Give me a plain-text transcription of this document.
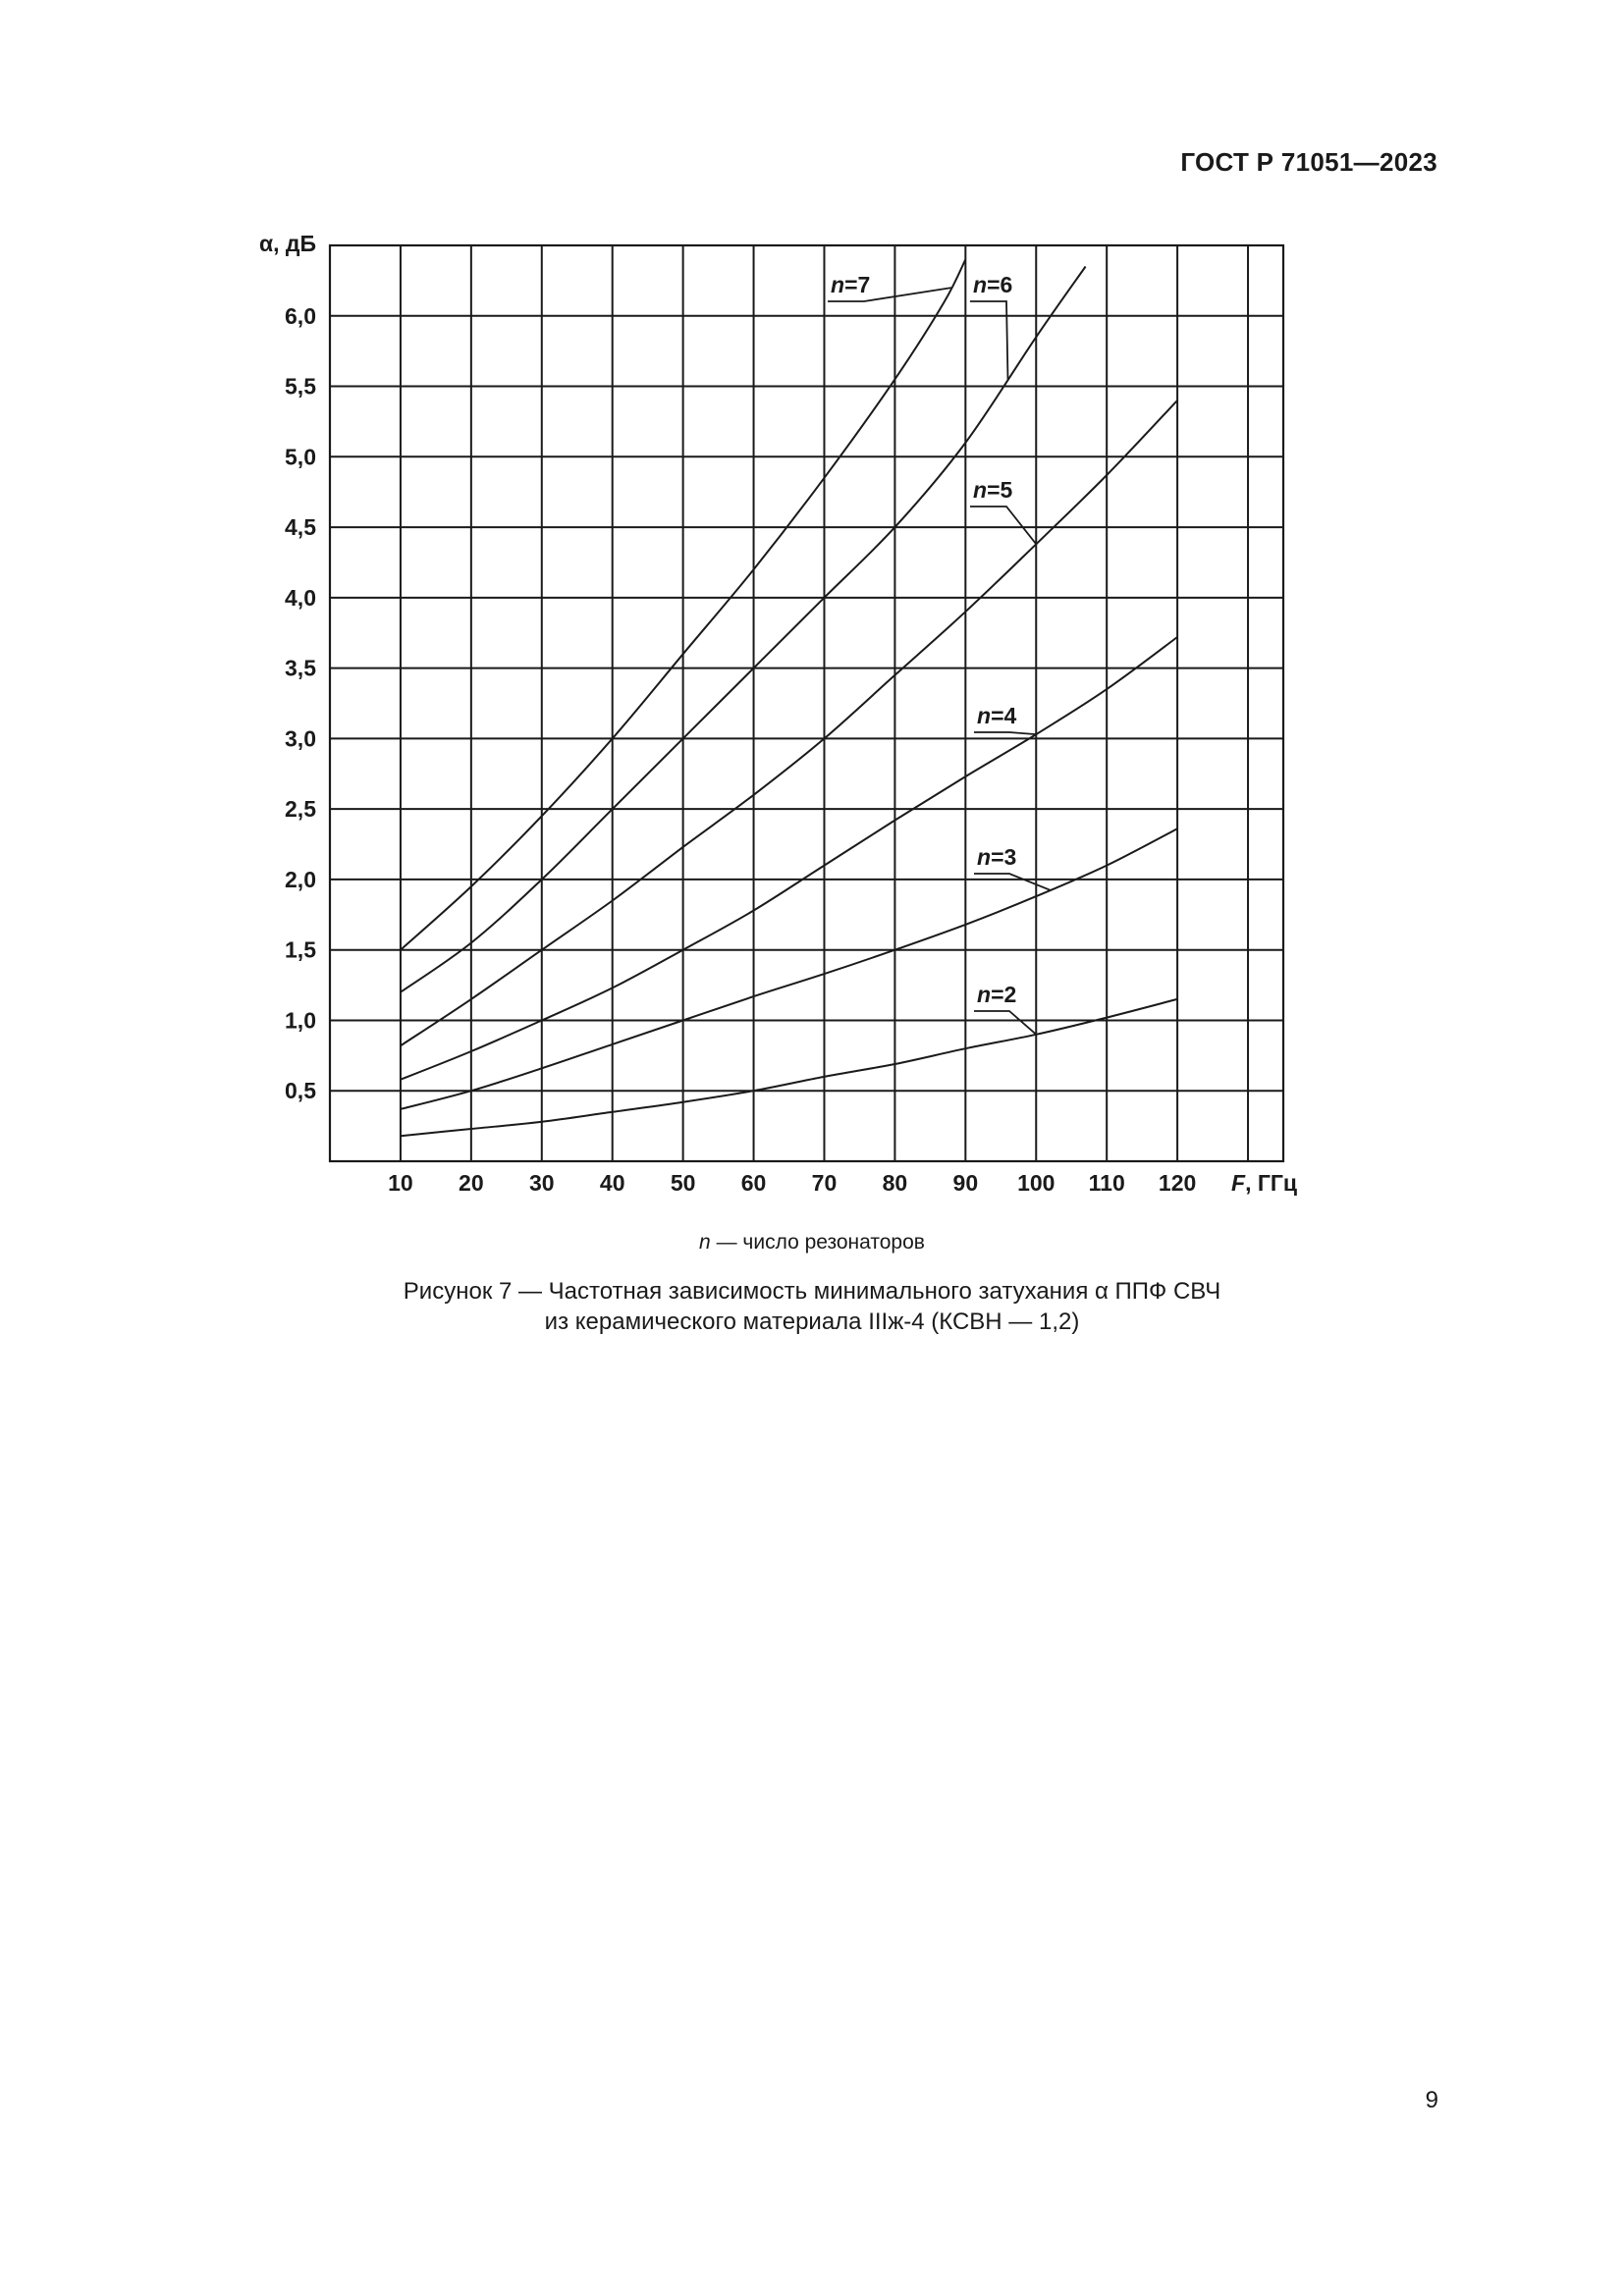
ГОСТ Р 71051—2023
n=2
n=3
n=4
n=5
n=6
n=7
10 20 30 40 50 60 70 80 90 100 110 120
0,5
1,0
1,5
2,0
2,5
3,0
3,5
4,0
4,5
5,0
5,5
6,0
α, дБ
F, ГГц
n — число резонаторов
Рисунок 7 — Частотная зависимость минимального затухания α ППФ СВЧ
из керамического материала IIIж-4 (КСВН — 1,2)
9
